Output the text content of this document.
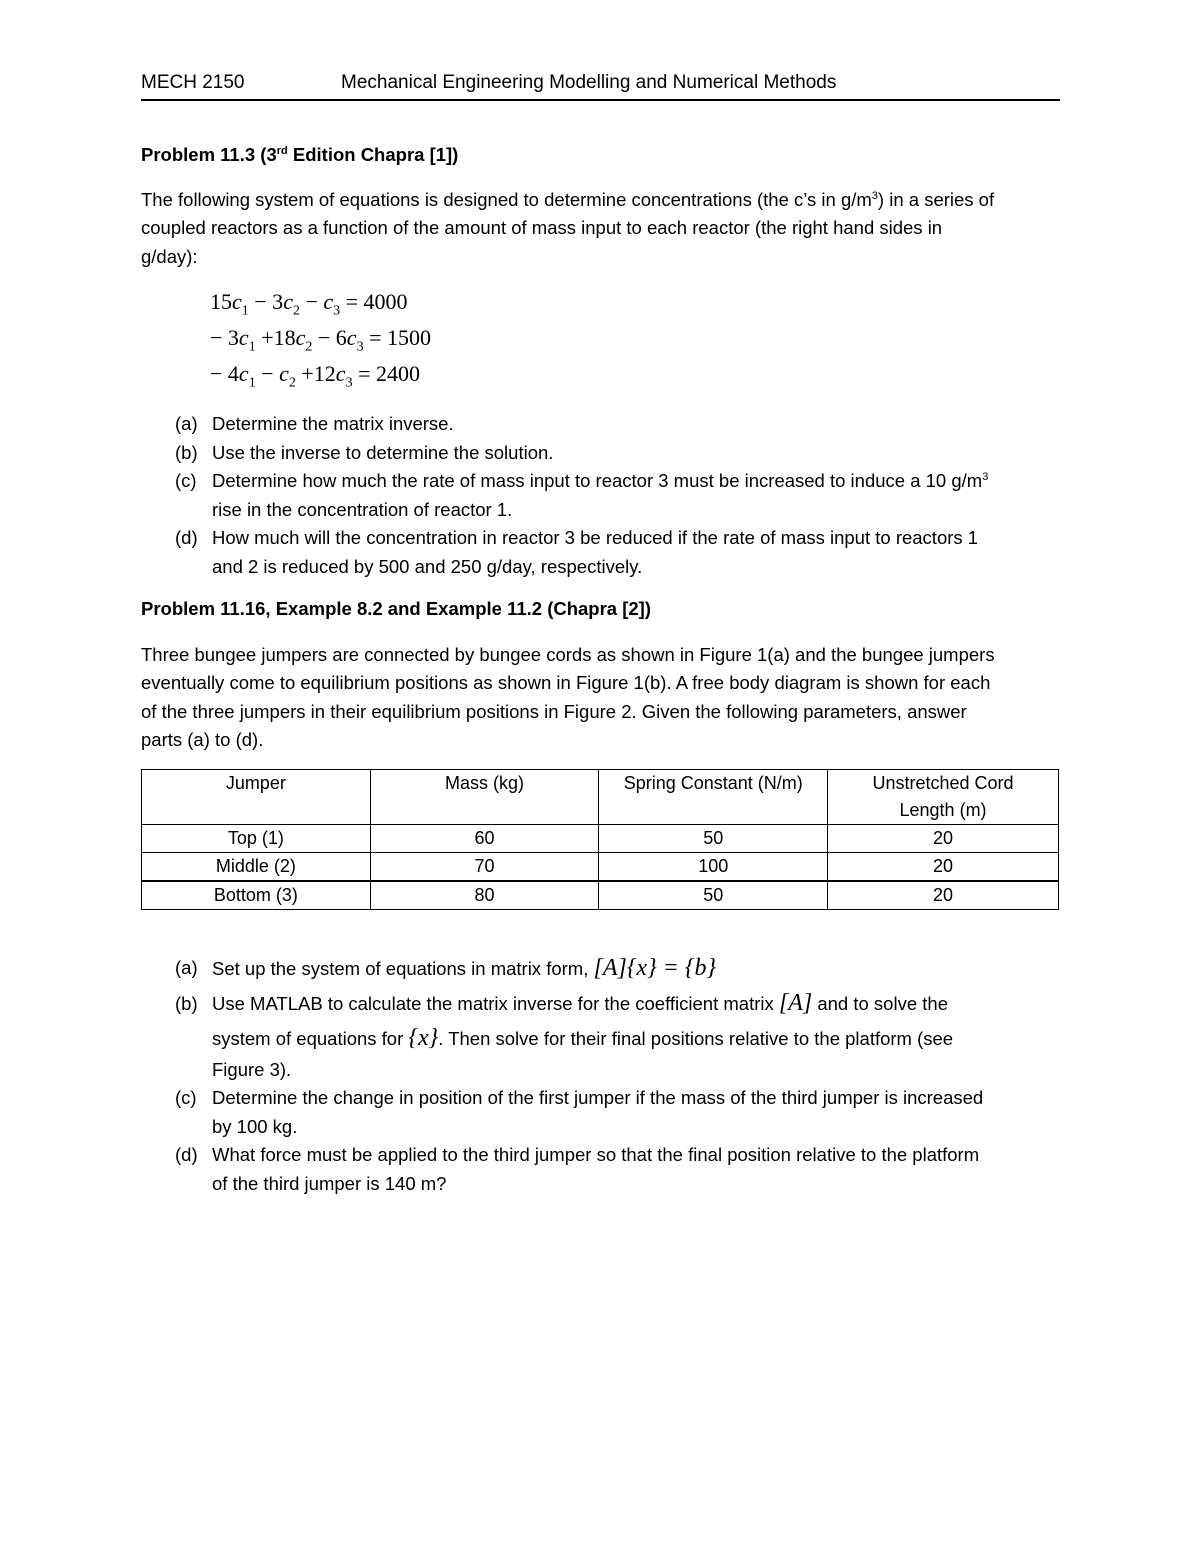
MECH 2150	Mechanical Engineering Modelling and Numerical Methods
Problem 11.3 (3rd Edition Chapra [1])
The following system of equations is designed to determine concentrations (the c’s in $g/m^3$) in a series of
coupled reactors as a function of the amount of mass input to each reactor (the right hand sides in
g/day):
$15c_1 - 3c_2 - c_3 = 4000$
− $3c_1 +18c_2 - 6c_3 = 1500$
− $4c_1 - c_2 +12c_3 = 2400$
(a) Determine the matrix inverse.
(b) Use the inverse to determine the solution.
(c) Determine how much the rate of mass input to reactor 3 must be increased to induce a 10 $g/m^3$
rise in the concentration of reactor 1.
(d) How much will the concentration in reactor 3 be reduced if the rate of mass input to reactors 1
and 2 is reduced by 500 and 250 g/day, respectively.
Problem 11.16, Example 8.2 and Example 11.2 (Chapra [2])
Three bungee jumpers are connected by bungee cords as shown in Figure 1(a) and the bungee jumpers
eventually come to equilibrium positions as shown in Figure 1(b). A free body diagram is shown for each
of the three jumpers in their equilibrium positions in Figure 2. Given the following parameters, answer
parts (a) to (d).
Jumper	Mass (kg)	Spring Constant (N/m)	Unstretched Cord Length (m)

Top (1)	60	50	20
Middle (2)	70	100	20
Bottom (3)	80	50	20
(a) Set up the system of equations in matrix form, [A]{x} = {b}
(b) Use MATLAB to calculate the matrix inverse for the coefficient matrix [A] and to solve the
system of equations for {x}. Then solve for their final positions relative to the platform (see
Figure 3).
(c) Determine the change in position of the first jumper if the mass of the third jumper is increased
by 100 kg.
(d) What force must be applied to the third jumper so that the final position relative to the platform
of the third jumper is 140 m?
